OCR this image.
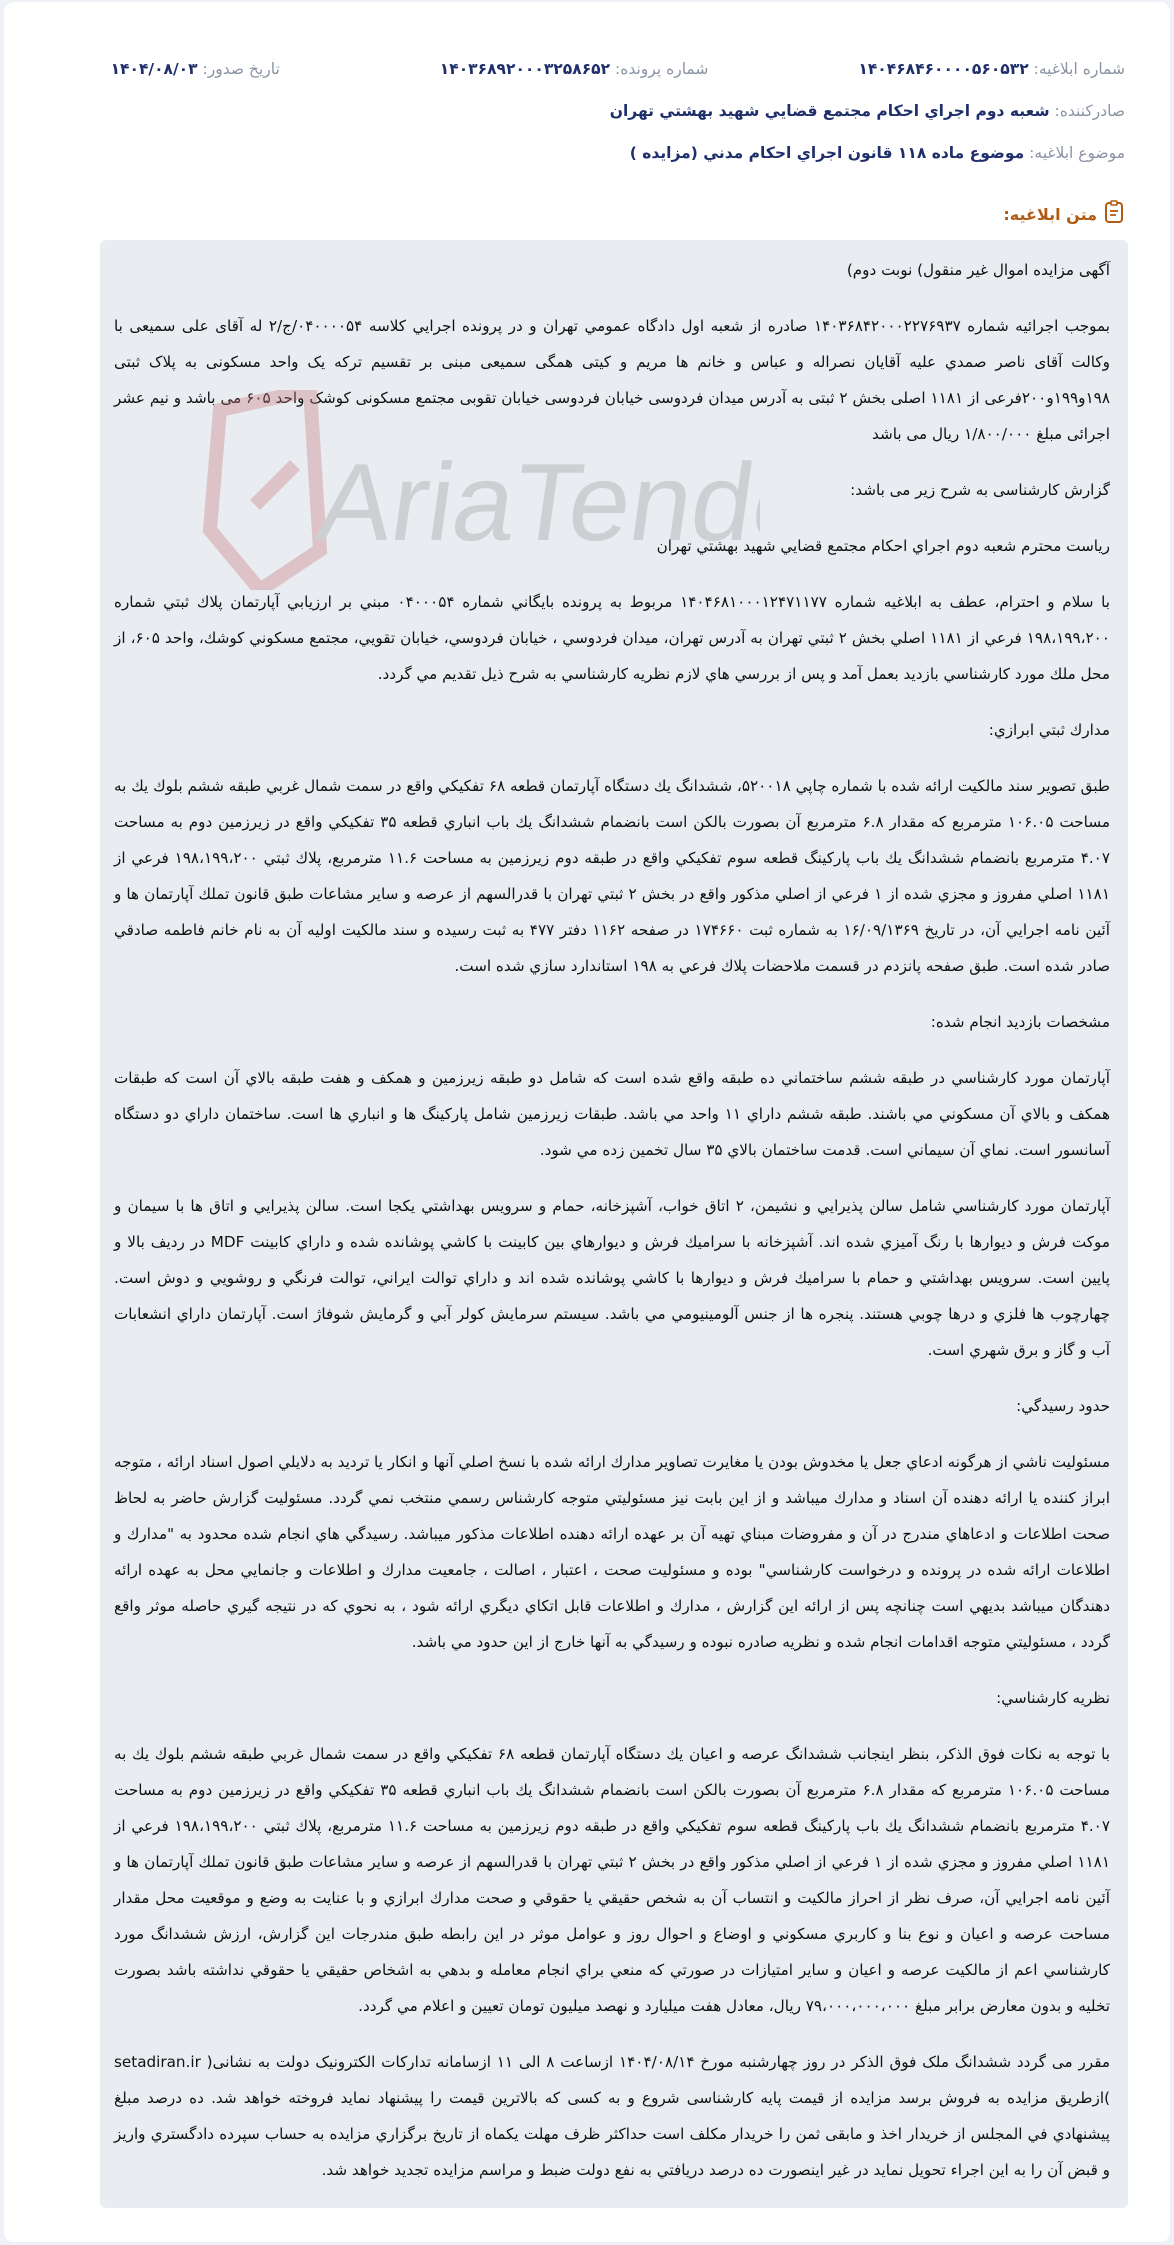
شماره ابلاغیه: ۱۴۰۴۶۸۴۶۰۰۰۰۵۶۰۵۳۲
شماره پرونده: ۱۴۰۳۶۸۹۲۰۰۰۳۲۵۸۶۵۲
تاریخ صدور: ۱۴۰۴/۰۸/۰۳
صادرکننده: شعبه دوم اجراي احكام مجتمع قضايي شهيد بهشتي تهران
موضوع ابلاغیه: موضوع ماده ۱۱۸ قانون اجراي احكام مدني (مزايده )
متن ابلاغیه:

آگهی مزایده اموال غیر منقول) نوبت دوم)

بموجب اجرائیه شماره ۱۴۰۳۶۸۴۲۰۰۰۲۲۷۶۹۳۷ صادره از شعبه اول دادگاه عمومي تهران و در پرونده اجرايي كلاسه ۰۴۰۰۰۰۵۴/ج/۲ له آقای علی سمیعی با وکالت آقای ناصر صمدي علیه آقایان نصراله و عباس و خانم ها مریم و کیتی همگی سمیعی مبنی بر تقسیم ترکه یک واحد مسکونی به پلاک ثبتی ۱۹۸و۱۹۹و۲۰۰فرعی از ۱۱۸۱ اصلی بخش ۲ ثبتی به آدرس میدان فردوسی خیابان فردوسی خیابان تقوبی مجتمع مسکونی کوشک واحد ۶۰۵ می باشد و نیم عشر اجرائی مبلغ ۱/۸۰۰/۰۰۰ ریال می باشد

گزارش کارشناسی به شرح زیر می باشد:

رياست محترم شعبه دوم اجراي احكام مجتمع قضايي شهيد بهشتي تهران

با سلام و احترام، عطف به ابلاغيه شماره ۱۴۰۴۶۸۱۰۰۰۱۲۴۷۱۱۷۷ مربوط به پرونده بايگاني شماره ۰۴۰۰۰۵۴ مبني بر ارزيابي آپارتمان پلاك ثبتي شماره ۱۹۸،۱۹۹،۲۰۰ فرعي از ۱۱۸۱ اصلي بخش ۲ ثبتي تهران به آدرس تهران، ميدان فردوسي ، خيابان فردوسي، خيابان تقويي، مجتمع مسكوني كوشك، واحد ۶۰۵، از محل ملك مورد كارشناسي بازديد بعمل آمد و پس از بررسي هاي لازم نظريه كارشناسي به شرح ذيل تقديم مي گردد.

مدارك ثبتي ابرازي:

طبق تصوير سند مالكيت ارائه شده با شماره چاپي ۵۲۰۰۱۸، ششدانگ يك دستگاه آپارتمان قطعه ۶۸ تفكيكي واقع در سمت شمال غربي طبقه ششم بلوك يك به مساحت ۱۰۶.۰۵ مترمربع كه مقدار ۶.۸ مترمربع آن بصورت بالكن است بانضمام ششدانگ يك باب انباري قطعه ۳۵ تفكيكي واقع در زيرزمين دوم به مساحت ۴.۰۷ مترمربع بانضمام ششدانگ يك باب پاركينگ قطعه سوم تفكيكي واقع در طبقه دوم زيرزمين به مساحت ۱۱.۶ مترمربع، پلاك ثبتي ۱۹۸،۱۹۹،۲۰۰ فرعي از ۱۱۸۱ اصلي مفروز و مجزي شده از ۱ فرعي از اصلي مذكور واقع در بخش ۲ ثبتي تهران با قدرالسهم از عرصه و ساير مشاعات طبق قانون تملك آپارتمان ها و آئين نامه اجرايي آن، در تاريخ ۱۶/۰۹/۱۳۶۹ به شماره ثبت ۱۷۴۶۶۰ در صفحه ۱۱۶۲ دفتر ۴۷۷ به ثبت رسيده و سند مالكيت اوليه آن به نام خانم فاطمه صادقي صادر شده است. طبق صفحه پانزدم در قسمت ملاحضات پلاك فرعي به ۱۹۸ استاندارد سازي شده است.

مشخصات بازديد انجام شده:

آپارتمان مورد كارشناسي در طبقه ششم ساختماني ده طبقه واقع شده است كه شامل دو طبقه زيرزمين و همكف و هفت طبقه بالاي آن است كه طبقات همكف و بالاي آن مسكوني مي باشند. طبقه ششم داراي ۱۱ واحد مي باشد. طبقات زيرزمين شامل پاركينگ ها و انباري ها است. ساختمان داراي دو دستگاه آسانسور است. نماي آن سيماني است. قدمت ساختمان بالاي ۳۵ سال تخمين زده مي شود.

آپارتمان مورد كارشناسي شامل سالن پذيرايي و نشيمن، ۲ اتاق خواب، آشپزخانه، حمام و سرويس بهداشتي يكجا است. سالن پذيرايي و اتاق ها با سيمان و موكت فرش و ديوارها با رنگ آميزي شده اند. آشپزخانه با سراميك فرش و ديوارهاي بين كابينت با كاشي پوشانده شده و داراي كابينت MDF در رديف بالا و پايين است. سرويس بهداشتي و حمام با سراميك فرش و ديوارها با كاشي پوشانده شده اند و داراي توالت ايراني، توالت فرنگي و روشويي و دوش است. چهارچوب ها فلزي و درها چوبي هستند. پنجره ها از جنس آلومينيومي مي باشد. سيستم سرمايش كولر آبي و گرمايش شوفاژ است. آپارتمان داراي انشعابات آب و گاز و برق شهري است.

حدود رسيدگي:

مسئوليت ناشي از هرگونه ادعاي جعل يا مخدوش بودن يا مغايرت تصاوير مدارك ارائه شده با نسخ اصلي آنها و انكار يا ترديد به دلايلي اصول اسناد ارائه ، متوجه ابراز كننده يا ارائه دهنده آن اسناد و مدارك ميباشد و از اين بابت نيز مسئوليتي متوجه كارشناس رسمي منتخب نمي گردد. مسئوليت گزارش حاضر به لحاظ صحت اطلاعات و ادعاهاي مندرج در آن و مفروضات مبناي تهيه آن بر عهده ارائه دهنده اطلاعات مذكور ميباشد. رسيدگي هاي انجام شده محدود به "مدارك و اطلاعات ارائه شده در پرونده و درخواست كارشناسي" بوده و مسئوليت صحت ، اعتبار ، اصالت ، جامعيت مدارك و اطلاعات و جانمايي محل به عهده ارائه دهندگان ميباشد بديهي است چنانچه پس از ارائه اين گزارش ، مدارك و اطلاعات قابل اتكاي ديگري ارائه شود ، به نحوي كه در نتيجه گيري حاصله موثر واقع گردد ، مسئوليتي متوجه اقدامات انجام شده و نظريه صادره نبوده و رسيدگي به آنها خارج از اين حدود مي باشد.

نظريه كارشناسي:

با توجه به نكات فوق الذكر، بنظر اينجانب ششدانگ عرصه و اعيان يك دستگاه آپارتمان قطعه ۶۸ تفكيكي واقع در سمت شمال غربي طبقه ششم بلوك يك به مساحت ۱۰۶.۰۵ مترمربع كه مقدار ۶.۸ مترمربع آن بصورت بالكن است بانضمام ششدانگ يك باب انباري قطعه ۳۵ تفكيكي واقع در زيرزمين دوم به مساحت ۴.۰۷ مترمربع بانضمام ششدانگ يك باب پاركينگ قطعه سوم تفكيكي واقع در طبقه دوم زيرزمين به مساحت ۱۱.۶ مترمربع، پلاك ثبتي ۱۹۸،۱۹۹،۲۰۰ فرعي از ۱۱۸۱ اصلي مفروز و مجزي شده از ۱ فرعي از اصلي مذكور واقع در بخش ۲ ثبتي تهران با قدرالسهم از عرصه و ساير مشاعات طبق قانون تملك آپارتمان ها و آئين نامه اجرايي آن، صرف نظر از احراز مالكيت و انتساب آن به شخص حقيقي يا حقوقي و صحت مدارك ابرازي و با عنايت به وضع و موقعيت محل مقدار مساحت عرصه و اعيان و نوع بنا و كاربري مسكوني و اوضاع و احوال روز و عوامل موثر در اين رابطه طبق مندرجات اين گزارش، ارزش ششدانگ مورد كارشناسي اعم از مالكيت عرصه و اعيان و ساير امتيازات در صورتي كه منعي براي انجام معامله و بدهي به اشخاص حقيقي يا حقوقي نداشته باشد بصورت تخليه و بدون معارض برابر مبلغ ۷۹،۰۰۰،۰۰۰،۰۰۰ ريال، معادل هفت ميليارد و نهصد ميليون تومان تعيين و اعلام مي گردد.

مقرر می گردد ششدانگ ملک فوق الذکر در روز چهارشنبه مورخ ۱۴۰۴/۰۸/۱۴ ازساعت ۸ الی ۱۱ ازسامانه تداركات الكترونیک دولت به نشانی( setadiran.ir )ازطریق مزایده به فروش برسد مزایده از قیمت پایه کارشناسی شروع و به کسی که بالاترین قیمت را پیشنهاد نماید فروخته خواهد شد. ده درصد مبلغ پیشنهادي في المجلس از خریدار اخذ و مابقی ثمن را خریدار مكلف است حداكثر ظرف مهلت یكماه از تاریخ برگزاري مزایده به حساب سپرده دادگستري واریز و قبض آن را به این اجراء تحویل نماید در غیر اینصورت ده درصد دریافتي به نفع دولت ضبط و مراسم مزایده تجدید خواهد شد.

AriaTender.neT
